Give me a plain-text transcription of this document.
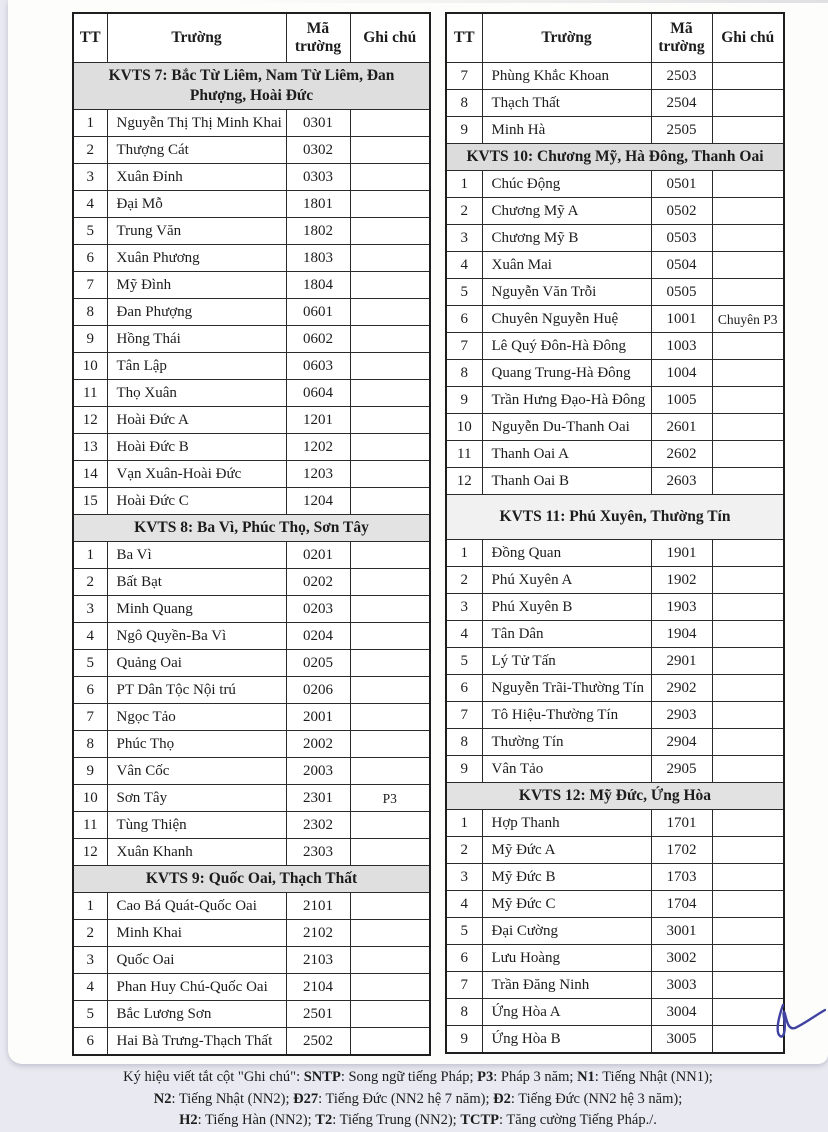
TT	Trường	Mã trường	Ghi chú
KVTS 7: Bắc Từ Liêm, Nam Từ Liêm, Đan Phượng, Hoài Đức			
1	Nguyễn Thị Thị Minh Khai	0301	
2	Thượng Cát	0302	
3	Xuân Đỉnh	0303	
4	Đại Mỗ	1801	
5	Trung Văn	1802	
6	Xuân Phương	1803	
7	Mỹ Đình	1804	
8	Đan Phượng	0601	
9	Hồng Thái	0602	
10	Tân Lập	0603	
11	Thọ Xuân	0604	
12	Hoài Đức A	1201	
13	Hoài Đức B	1202	
14	Vạn Xuân-Hoài Đức	1203	
15	Hoài Đức C	1204	
KVTS 8: Ba Vì, Phúc Thọ, Sơn Tây			
1	Ba Vì	0201	
2	Bất Bạt	0202	
3	Minh Quang	0203	
4	Ngô Quyền-Ba Vì	0204	
5	Quảng Oai	0205	
6	PT Dân Tộc Nội trú	0206	
7	Ngọc Tảo	2001	
8	Phúc Thọ	2002	
9	Vân Cốc	2003	
10	Sơn Tây	2301	P3
11	Tùng Thiện	2302	
12	Xuân Khanh	2303	
KVTS 9: Quốc Oai, Thạch Thất			
1	Cao Bá Quát-Quốc Oai	2101	
2	Minh Khai	2102	
3	Quốc Oai	2103	
4	Phan Huy Chú-Quốc Oai	2104	
5	Bắc Lương Sơn	2501	
6	Hai Bà Trưng-Thạch Thất	2502	
TT	Trường	Mã trường	Ghi chú
7	Phùng Khắc Khoan	2503	
8	Thạch Thất	2504	
9	Minh Hà	2505	
KVTS 10: Chương Mỹ, Hà Đông, Thanh Oai			
1	Chúc Động	0501	
2	Chương Mỹ A	0502	
3	Chương Mỹ B	0503	
4	Xuân Mai	0504	
5	Nguyễn Văn Trỗi	0505	
6	Chuyên Nguyễn Huệ	1001	Chuyên P3
7	Lê Quý Đôn-Hà Đông	1003	
8	Quang Trung-Hà Đông	1004	
9	Trần Hưng Đạo-Hà Đông	1005	
10	Nguyễn Du-Thanh Oai	2601	
11	Thanh Oai A	2602	
12	Thanh Oai B	2603	
KVTS 11: Phú Xuyên, Thường Tín			
1	Đồng Quan	1901	
2	Phú Xuyên A	1902	
3	Phú Xuyên B	1903	
4	Tân Dân	1904	
5	Lý Tử Tấn	2901	
6	Nguyễn Trãi-Thường Tín	2902	
7	Tô Hiệu-Thường Tín	2903	
8	Thường Tín	2904	
9	Vân Tảo	2905	
KVTS 12: Mỹ Đức, Ứng Hòa			
1	Hợp Thanh	1701	
2	Mỹ Đức A	1702	
3	Mỹ Đức B	1703	
4	Mỹ Đức C	1704	
5	Đại Cường	3001	
6	Lưu Hoàng	3002	
7	Trần Đăng Ninh	3003	
8	Ứng Hòa A	3004	
9	Ứng Hòa B	3005	
Ký hiệu viết tắt cột "Ghi chú": SNTP: Song ngữ tiếng Pháp; P3: Pháp 3 năm; N1: Tiếng Nhật (NN1);
N2: Tiếng Nhật (NN2); Đ27: Tiếng Đức (NN2 hệ 7 năm); Đ2: Tiếng Đức (NN2 hệ 3 năm);
H2: Tiếng Hàn (NN2); T2: Tiếng Trung (NN2); TCTP: Tăng cường Tiếng Pháp./.
